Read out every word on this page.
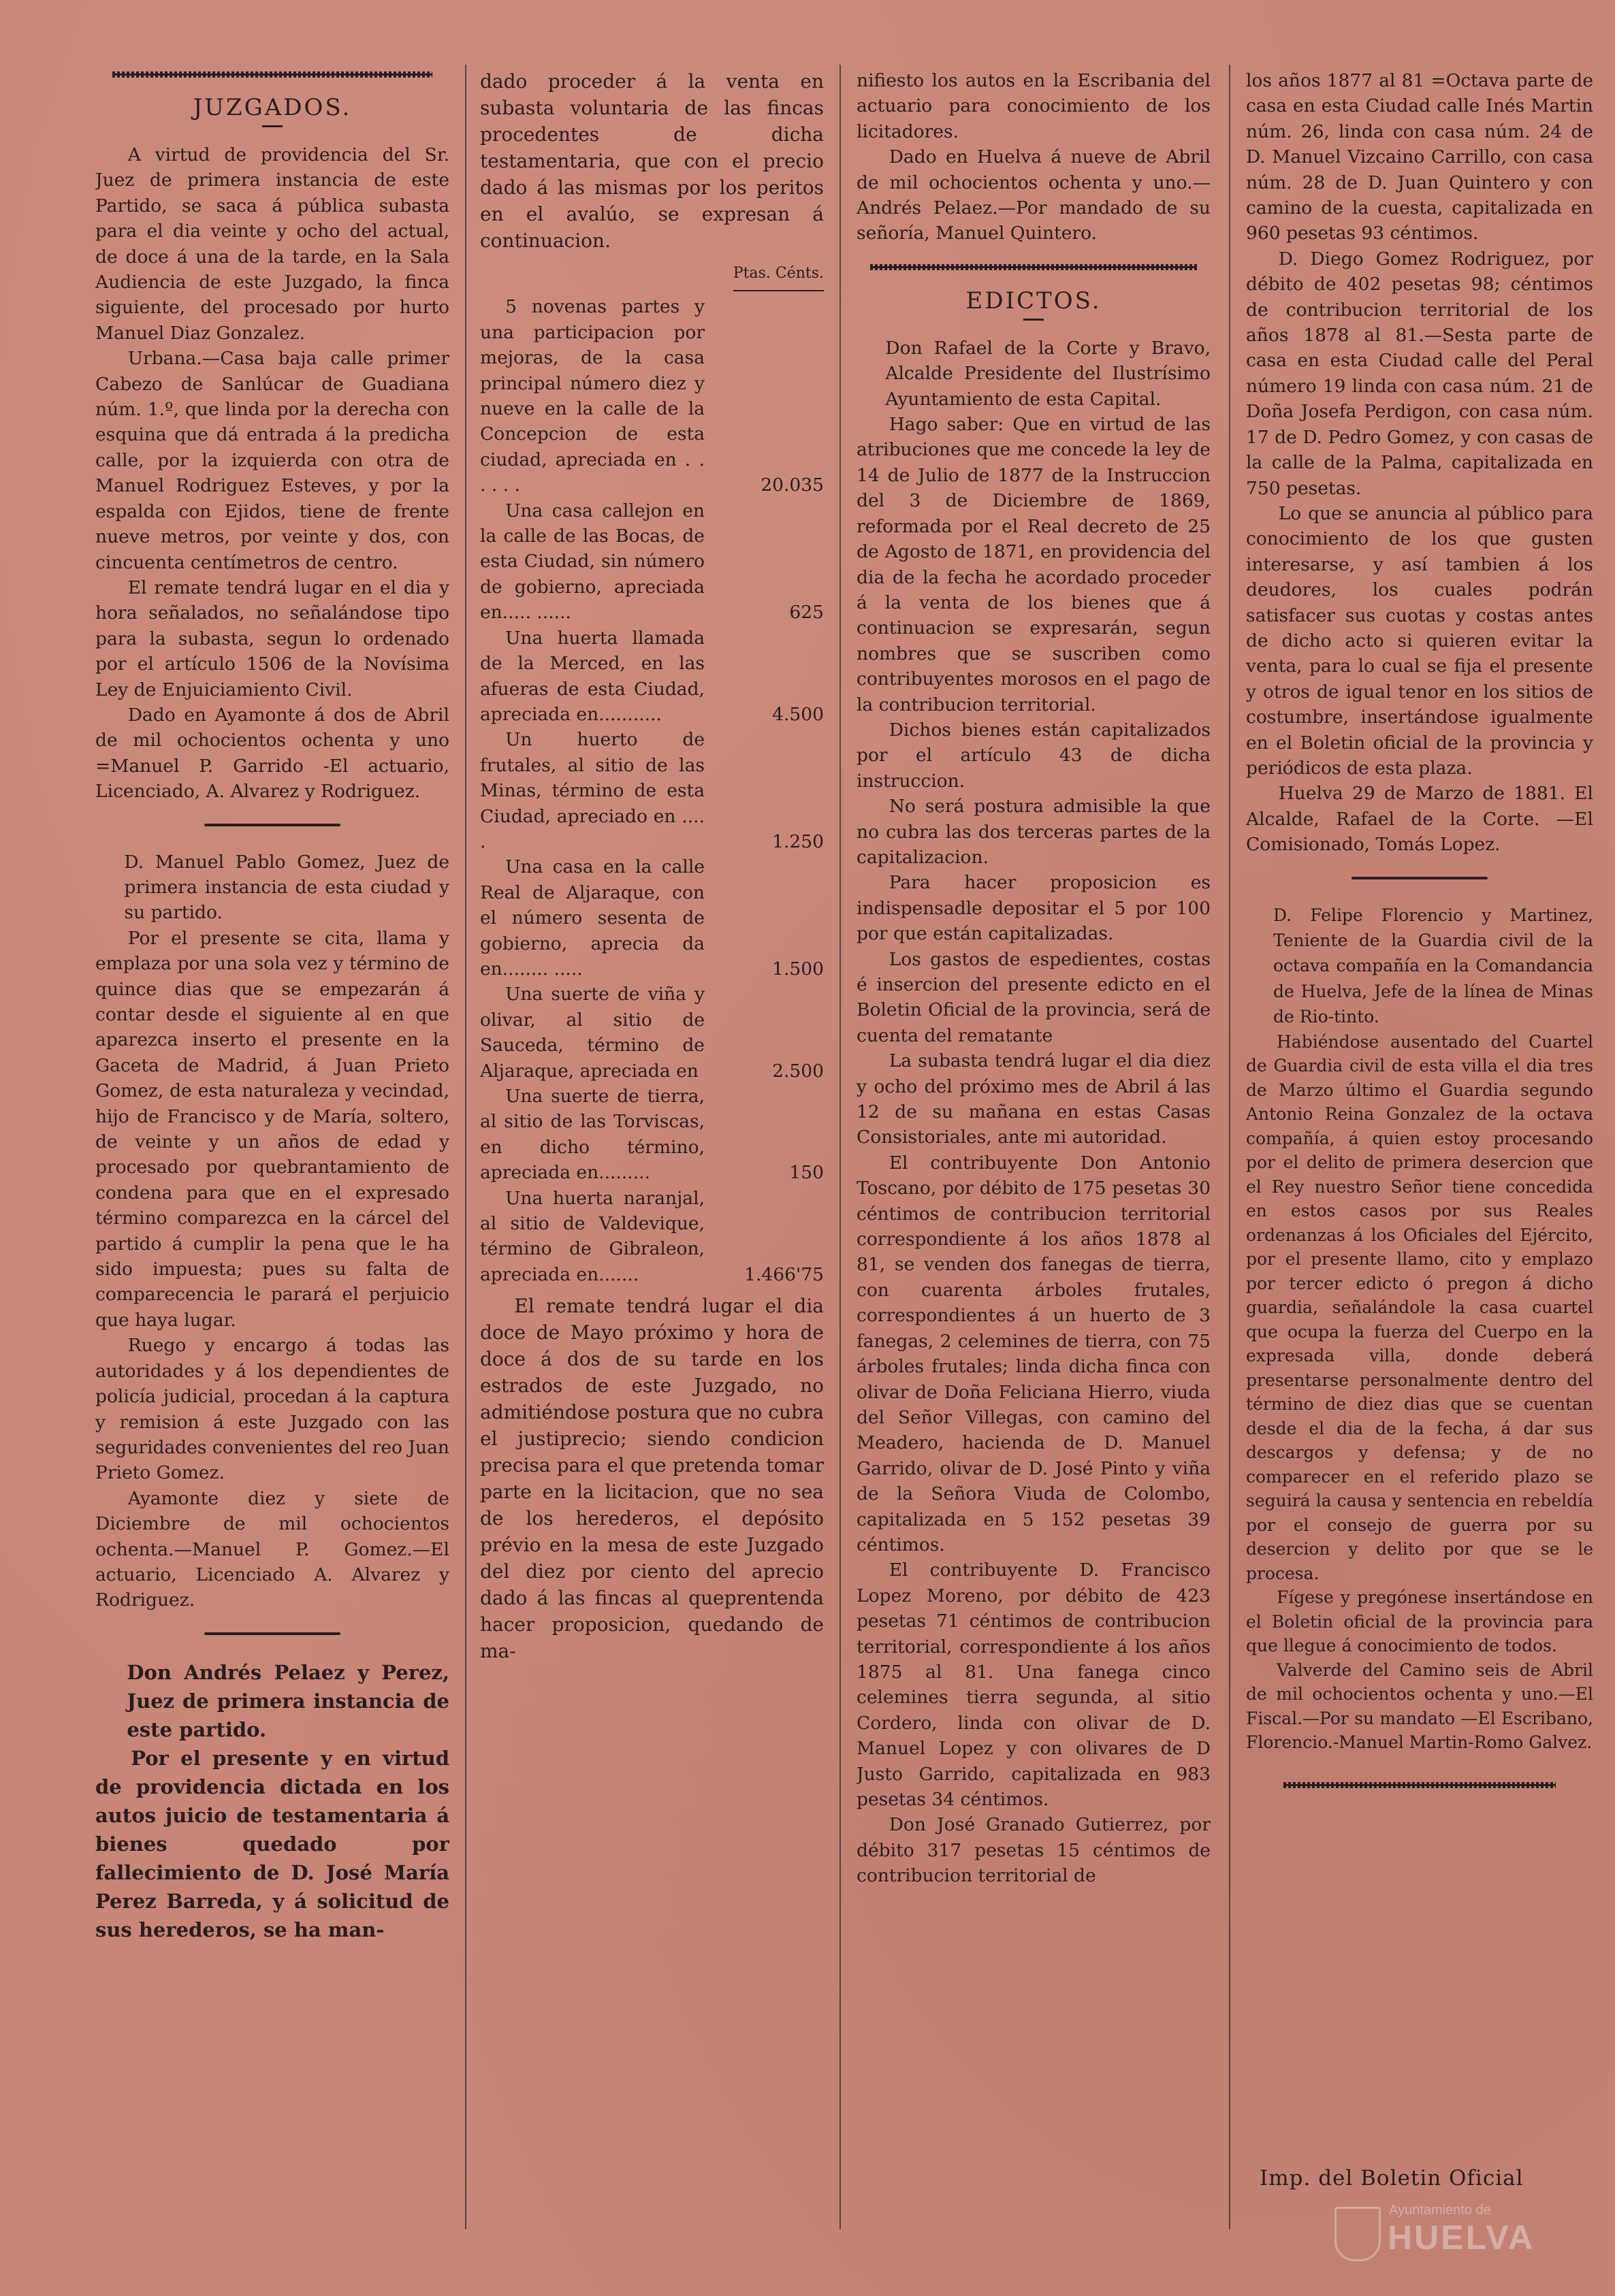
JUZGADOS.

A virtud de providencia del Sr. Juez de primera instancia de este Partido, se saca á pública subasta para el dia veinte y ocho del actual, de doce á una de la tarde, en la Sala Audiencia de este Juzgado, la finca siguiente, del procesado por hurto Manuel Diaz Gonzalez.

Urbana.—Casa baja calle primer Cabezo de Sanlúcar de Guadiana núm. 1.º, que linda por la derecha con esquina que dá entrada á la predicha calle, por la izquierda con otra de Manuel Rodriguez Esteves, y por la espalda con Ejidos, tiene de frente nueve metros, por veinte y dos, con cincuenta centímetros de centro.

El remate tendrá lugar en el dia y hora señalados, no señalándose tipo para la subasta, segun lo ordenado por el artículo 1506 de la Novísima Ley de Enjuiciamiento Civil.

Dado en Ayamonte á dos de Abril de mil ochocientos ochenta y uno =Manuel P. Garrido -El actuario, Licenciado, A. Alvarez y Rodriguez.

D. Manuel Pablo Gomez, Juez de primera instancia de esta ciudad y su partido.

Por el presente se cita, llama y emplaza por una sola vez y término de quince dias que se empezarán á contar desde el siguiente al en que aparezca inserto el presente en la Gaceta de Madrid, á Juan Prieto Gomez, de esta naturaleza y vecindad, hijo de Francisco y de María, soltero, de veinte y un años de edad y procesado por quebrantamiento de condena para que en el expresado término comparezca en la cárcel del partido á cumplir la pena que le ha sido impuesta; pues su falta de comparecencia le parará el perjuicio que haya lugar.

Ruego y encargo á todas las autoridades y á los dependientes de policía judicial, procedan á la captura y remision á este Juzgado con las seguridades convenientes del reo Juan Prieto Gomez.

Ayamonte diez y siete de Diciembre de mil ochocientos ochenta.—Manuel P. Gomez.—El actuario, Licenciado A. Alvarez y Rodriguez.

Don Andrés Pelaez y Perez, Juez de primera instancia de este partido.

Por el presente y en virtud de providencia dictada en los autos juicio de testamentaria á bienes quedado por fallecimiento de D. José María Perez Barreda, y á solicitud de sus herederos, se ha man-

dado proceder á la venta en subasta voluntaria de las fincas procedentes de dicha testamentaria, que con el precio dado á las mismas por los peritos en el avalúo, se expresan á continuacion.

Ptas. Cénts.
5 novenas partes y una participacion por mejoras, de la casa principal número diez y nueve en la calle de la Concepcion de esta ciudad, apreciada en . . . . . .	20.035
Una casa callejon en la calle de las Bocas, de esta Ciudad, sin número de gobierno, apreciada en..... ......	625
Una huerta llamada de la Merced, en las afueras de esta Ciudad, apreciada en...........	4.500
Un huerto de frutales, al sitio de las Minas, término de esta Ciudad, apreciado en .... .	1.250
Una casa en la calle Real de Aljaraque, con el número sesenta de gobierno, aprecia da en........ .....	1.500
Una suerte de viña y olivar, al sitio de Sauceda, término de Aljaraque, apreciada en	2.500
Una suerte de tierra, al sitio de las Torviscas, en dicho término, apreciada en.........	150
Una huerta naranjal, al sitio de Valdevique, término de Gibraleon, apreciada en.......	1.466'75

El remate tendrá lugar el dia doce de Mayo próximo y hora de doce á dos de su tarde en los estrados de este Juzgado, no admitiéndose postura que no cubra el justiprecio; siendo condicion precisa para el que pretenda tomar parte en la licitacion, que no sea de los herederos, el depósito prévio en la mesa de este Juzgado del diez por ciento del aprecio dado á las fincas al queprentenda hacer proposicion, quedando de ma-

nifiesto los autos en la Escribania del actuario para conocimiento de los licitadores.

Dado en Huelva á nueve de Abril de mil ochocientos ochenta y uno.—Andrés Pelaez.—Por mandado de su señoría, Manuel Quintero.

EDICTOS.

Don Rafael de la Corte y Bravo, Alcalde Presidente del Ilustrísimo Ayuntamiento de esta Capital.

Hago saber: Que en virtud de las atribuciones que me concede la ley de 14 de Julio de 1877 de la Instruccion del 3 de Diciembre de 1869, reformada por el Real decreto de 25 de Agosto de 1871, en providencia del dia de la fecha he acordado proceder á la venta de los bienes que á continuacion se expresarán, segun nombres que se suscriben como contribuyentes morosos en el pago de la contribucion territorial.

Dichos bienes están capitalizados por el artículo 43 de dicha instruccion.

No será postura admisible la que no cubra las dos terceras partes de la capitalizacion.

Para hacer proposicion es indispensadle depositar el 5 por 100 por que están capitalizadas.

Los gastos de espedientes, costas é insercion del presente edicto en el Boletin Oficial de la provincia, será de cuenta del rematante

La subasta tendrá lugar el dia diez y ocho del próximo mes de Abril á las 12 de su mañana en estas Casas Consistoriales, ante mi autoridad.

El contribuyente Don Antonio Toscano, por débito de 175 pesetas 30 céntimos de contribucion territorial correspondiente á los años 1878 al 81, se venden dos fanegas de tierra, con cuarenta árboles frutales, correspondientes á un huerto de 3 fanegas, 2 celemines de tierra, con 75 árboles frutales; linda dicha finca con olivar de Doña Feliciana Hierro, viuda del Señor Villegas, con camino del Meadero, hacienda de D. Manuel Garrido, olivar de D. José Pinto y viña de la Señora Viuda de Colombo, capitalizada en 5 152 pesetas 39 céntimos.

El contribuyente D. Francisco Lopez Moreno, por débito de 423 pesetas 71 céntimos de contribucion territorial, correspondiente á los años 1875 al 81. Una fanega cinco celemines tierra segunda, al sitio Cordero, linda con olivar de D. Manuel Lopez y con olivares de D Justo Garrido, capitalizada en 983 pesetas 34 céntimos.

Don José Granado Gutierrez, por débito 317 pesetas 15 céntimos de contribucion territorial de

los años 1877 al 81 =Octava parte de casa en esta Ciudad calle Inés Martin núm. 26, linda con casa núm. 24 de D. Manuel Vizcaino Carrillo, con casa núm. 28 de D. Juan Quintero y con camino de la cuesta, capitalizada en 960 pesetas 93 céntimos.

D. Diego Gomez Rodriguez, por débito de 402 pesetas 98; céntimos de contribucion territorial de los años 1878 al 81.—Sesta parte de casa en esta Ciudad calle del Peral número 19 linda con casa núm. 21 de Doña Josefa Perdigon, con casa núm. 17 de D. Pedro Gomez, y con casas de la calle de la Palma, capitalizada en 750 pesetas.

Lo que se anuncia al público para conocimiento de los que gusten interesarse, y así tambien á los deudores, los cuales podrán satisfacer sus cuotas y costas antes de dicho acto si quieren evitar la venta, para lo cual se fija el presente y otros de igual tenor en los sitios de costumbre, insertándose igualmente en el Boletin oficial de la provincia y periódicos de esta plaza.

Huelva 29 de Marzo de 1881. El Alcalde, Rafael de la Corte. —El Comisionado, Tomás Lopez.

D. Felipe Florencio y Martinez, Teniente de la Guardia civil de la octava compañía en la Comandancia de Huelva, Jefe de la línea de Minas de Rio-tinto.

Habiéndose ausentado del Cuartel de Guardia civil de esta villa el dia tres de Marzo último el Guardia segundo Antonio Reina Gonzalez de la octava compañía, á quien estoy procesando por el delito de primera desercion que el Rey nuestro Señor tiene concedida en estos casos por sus Reales ordenanzas á los Oficiales del Ejército, por el presente llamo, cito y emplazo por tercer edicto ó pregon á dicho guardia, señalándole la casa cuartel que ocupa la fuerza del Cuerpo en la expresada villa, donde deberá presentarse personalmente dentro del término de diez dias que se cuentan desde el dia de la fecha, á dar sus descargos y defensa; y de no comparecer en el referido plazo se seguirá la causa y sentencia en rebeldía por el consejo de guerra por su desercion y delito por que se le procesa.

Fígese y pregónese insertándose en el Boletin oficial de la provincia para que llegue á conocimiento de todos.

Valverde del Camino seis de Abril de mil ochocientos ochenta y uno.—El Fiscal.—Por su mandato —El Escribano, Florencio.-Manuel Martin-Romo Galvez.

Imp. del Boletin Oficial
Ayuntamiento de
HUELVA
